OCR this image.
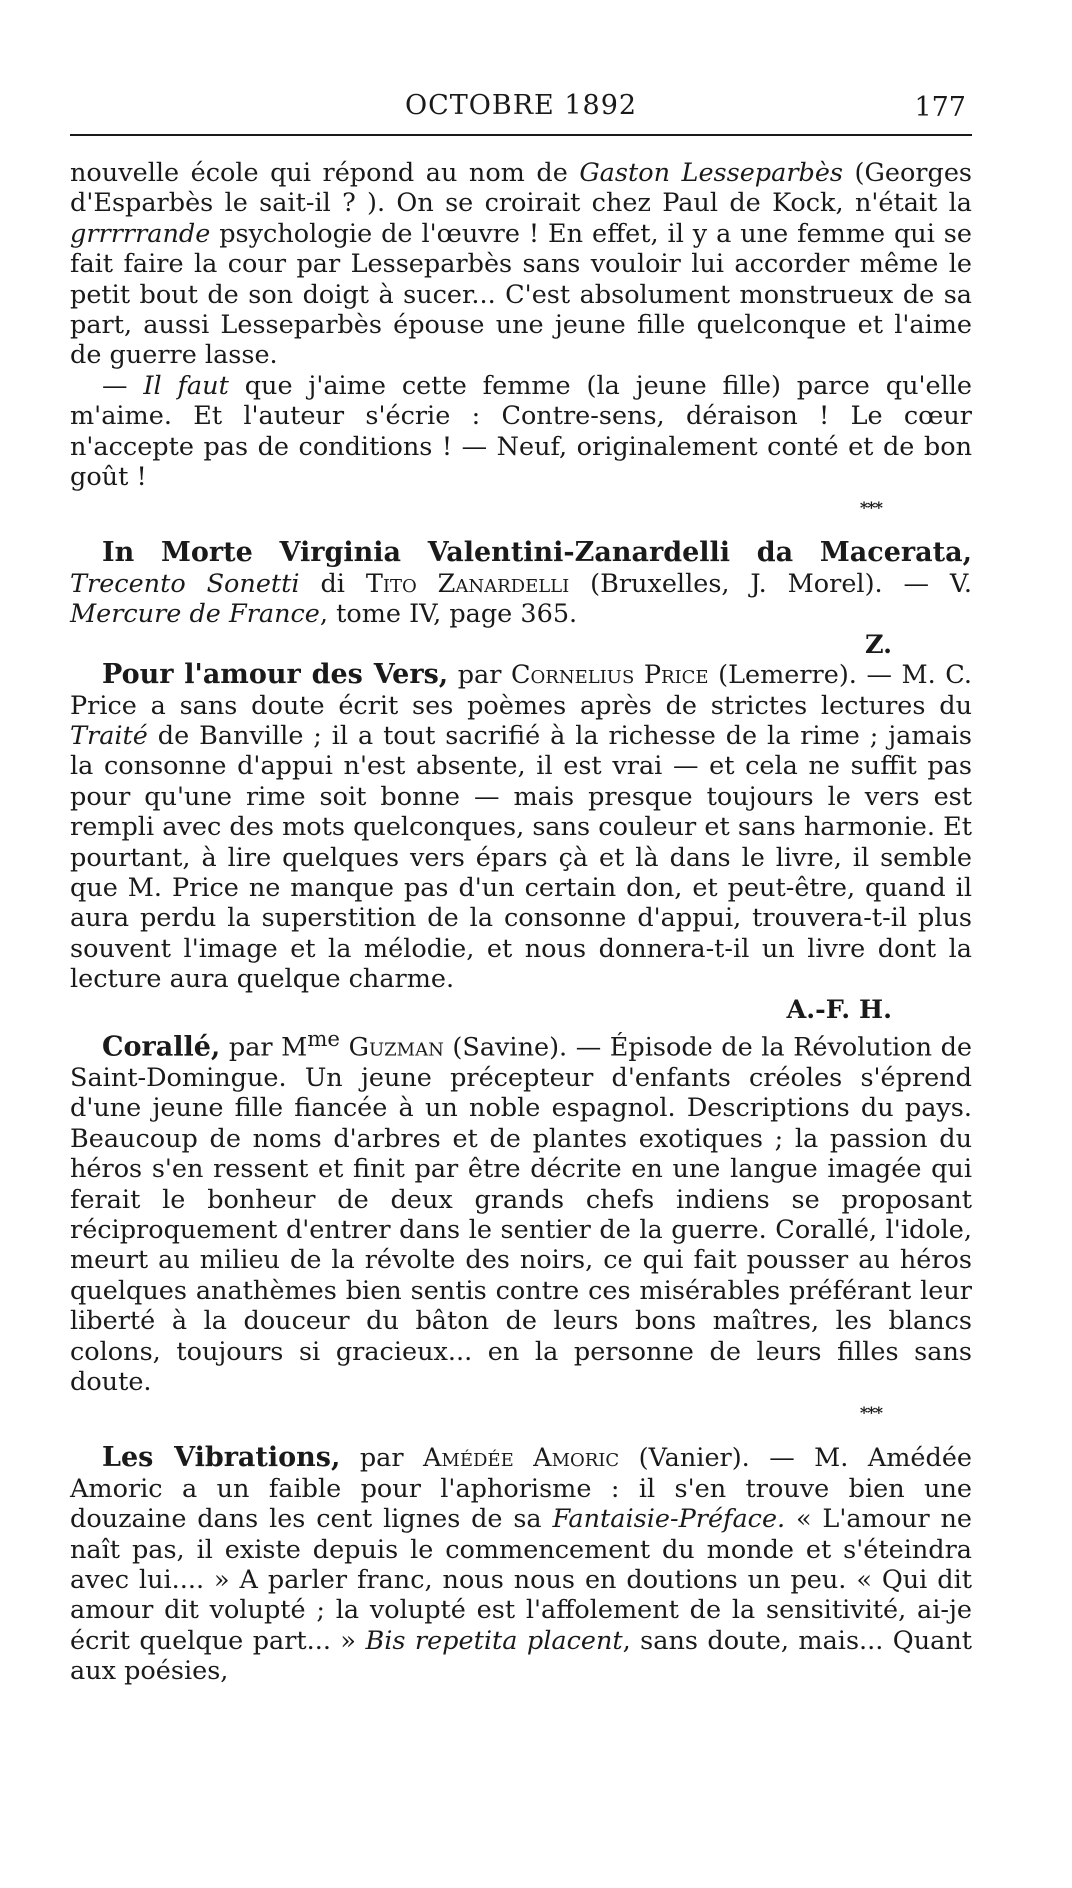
OCTOBRE 1892	177

nouvelle école qui répond au nom de Gaston Lesseparbès (Georges d'Esparbès le sait-il ? ). On se croirait chez Paul de Kock, n'était la grrrrrande psychologie de l'œuvre ! En effet, il y a une femme qui se fait faire la cour par Lesseparbès sans vouloir lui accorder même le petit bout de son doigt à sucer... C'est absolument monstrueux de sa part, aussi Lesseparbès épouse une jeune fille quelconque et l'aime de guerre lasse.

— Il faut que j'aime cette femme (la jeune fille) parce qu'elle m'aime. Et l'auteur s'écrie : Contre-sens, déraison ! Le cœur n'accepte pas de conditions ! — Neuf, originalement conté et de bon goût !

***

In Morte Virginia Valentini-Zanardelli da Macerata, Trecento Sonetti di Tito Zanardelli (Bruxelles, J. Morel). — V. Mercure de France, tome IV, page 365.

Z.

Pour l'amour des Vers, par Cornelius Price (Lemerre). — M. C. Price a sans doute écrit ses poèmes après de strictes lectures du Traité de Banville ; il a tout sacrifié à la richesse de la rime ; jamais la consonne d'appui n'est absente, il est vrai — et cela ne suffit pas pour qu'une rime soit bonne — mais presque toujours le vers est rempli avec des mots quelconques, sans couleur et sans harmonie. Et pourtant, à lire quelques vers épars çà et là dans le livre, il semble que M. Price ne manque pas d'un certain don, et peut-être, quand il aura perdu la superstition de la consonne d'appui, trouvera-t-il plus souvent l'image et la mélodie, et nous donnera-t-il un livre dont la lecture aura quelque charme.

A.-F. H.

Corallé, par $M^{me}$ Guzman (Savine). — Épisode de la Révolution de Saint-Domingue. Un jeune précepteur d'enfants créoles s'éprend d'une jeune fille fiancée à un noble espagnol. Descriptions du pays. Beaucoup de noms d'arbres et de plantes exotiques ; la passion du héros s'en ressent et finit par être décrite en une langue imagée qui ferait le bonheur de deux grands chefs indiens se proposant réciproquement d'entrer dans le sentier de la guerre. Corallé, l'idole, meurt au milieu de la révolte des noirs, ce qui fait pousser au héros quelques anathèmes bien sentis contre ces misérables préférant leur liberté à la douceur du bâton de leurs bons maîtres, les blancs colons, toujours si gracieux... en la personne de leurs filles sans doute.

***

Les Vibrations, par Amédée Amoric (Vanier). — M. Amédée Amoric a un faible pour l'aphorisme : il s'en trouve bien une douzaine dans les cent lignes de sa Fantaisie-Préface. « L'amour ne naît pas, il existe depuis le commencement du monde et s'éteindra avec lui.... » A parler franc, nous nous en doutions un peu. « Qui dit amour dit volupté ; la volupté est l'affolement de la sensitivité, ai-je écrit quelque part... » Bis repetita placent, sans doute, mais... Quant aux poésies,
